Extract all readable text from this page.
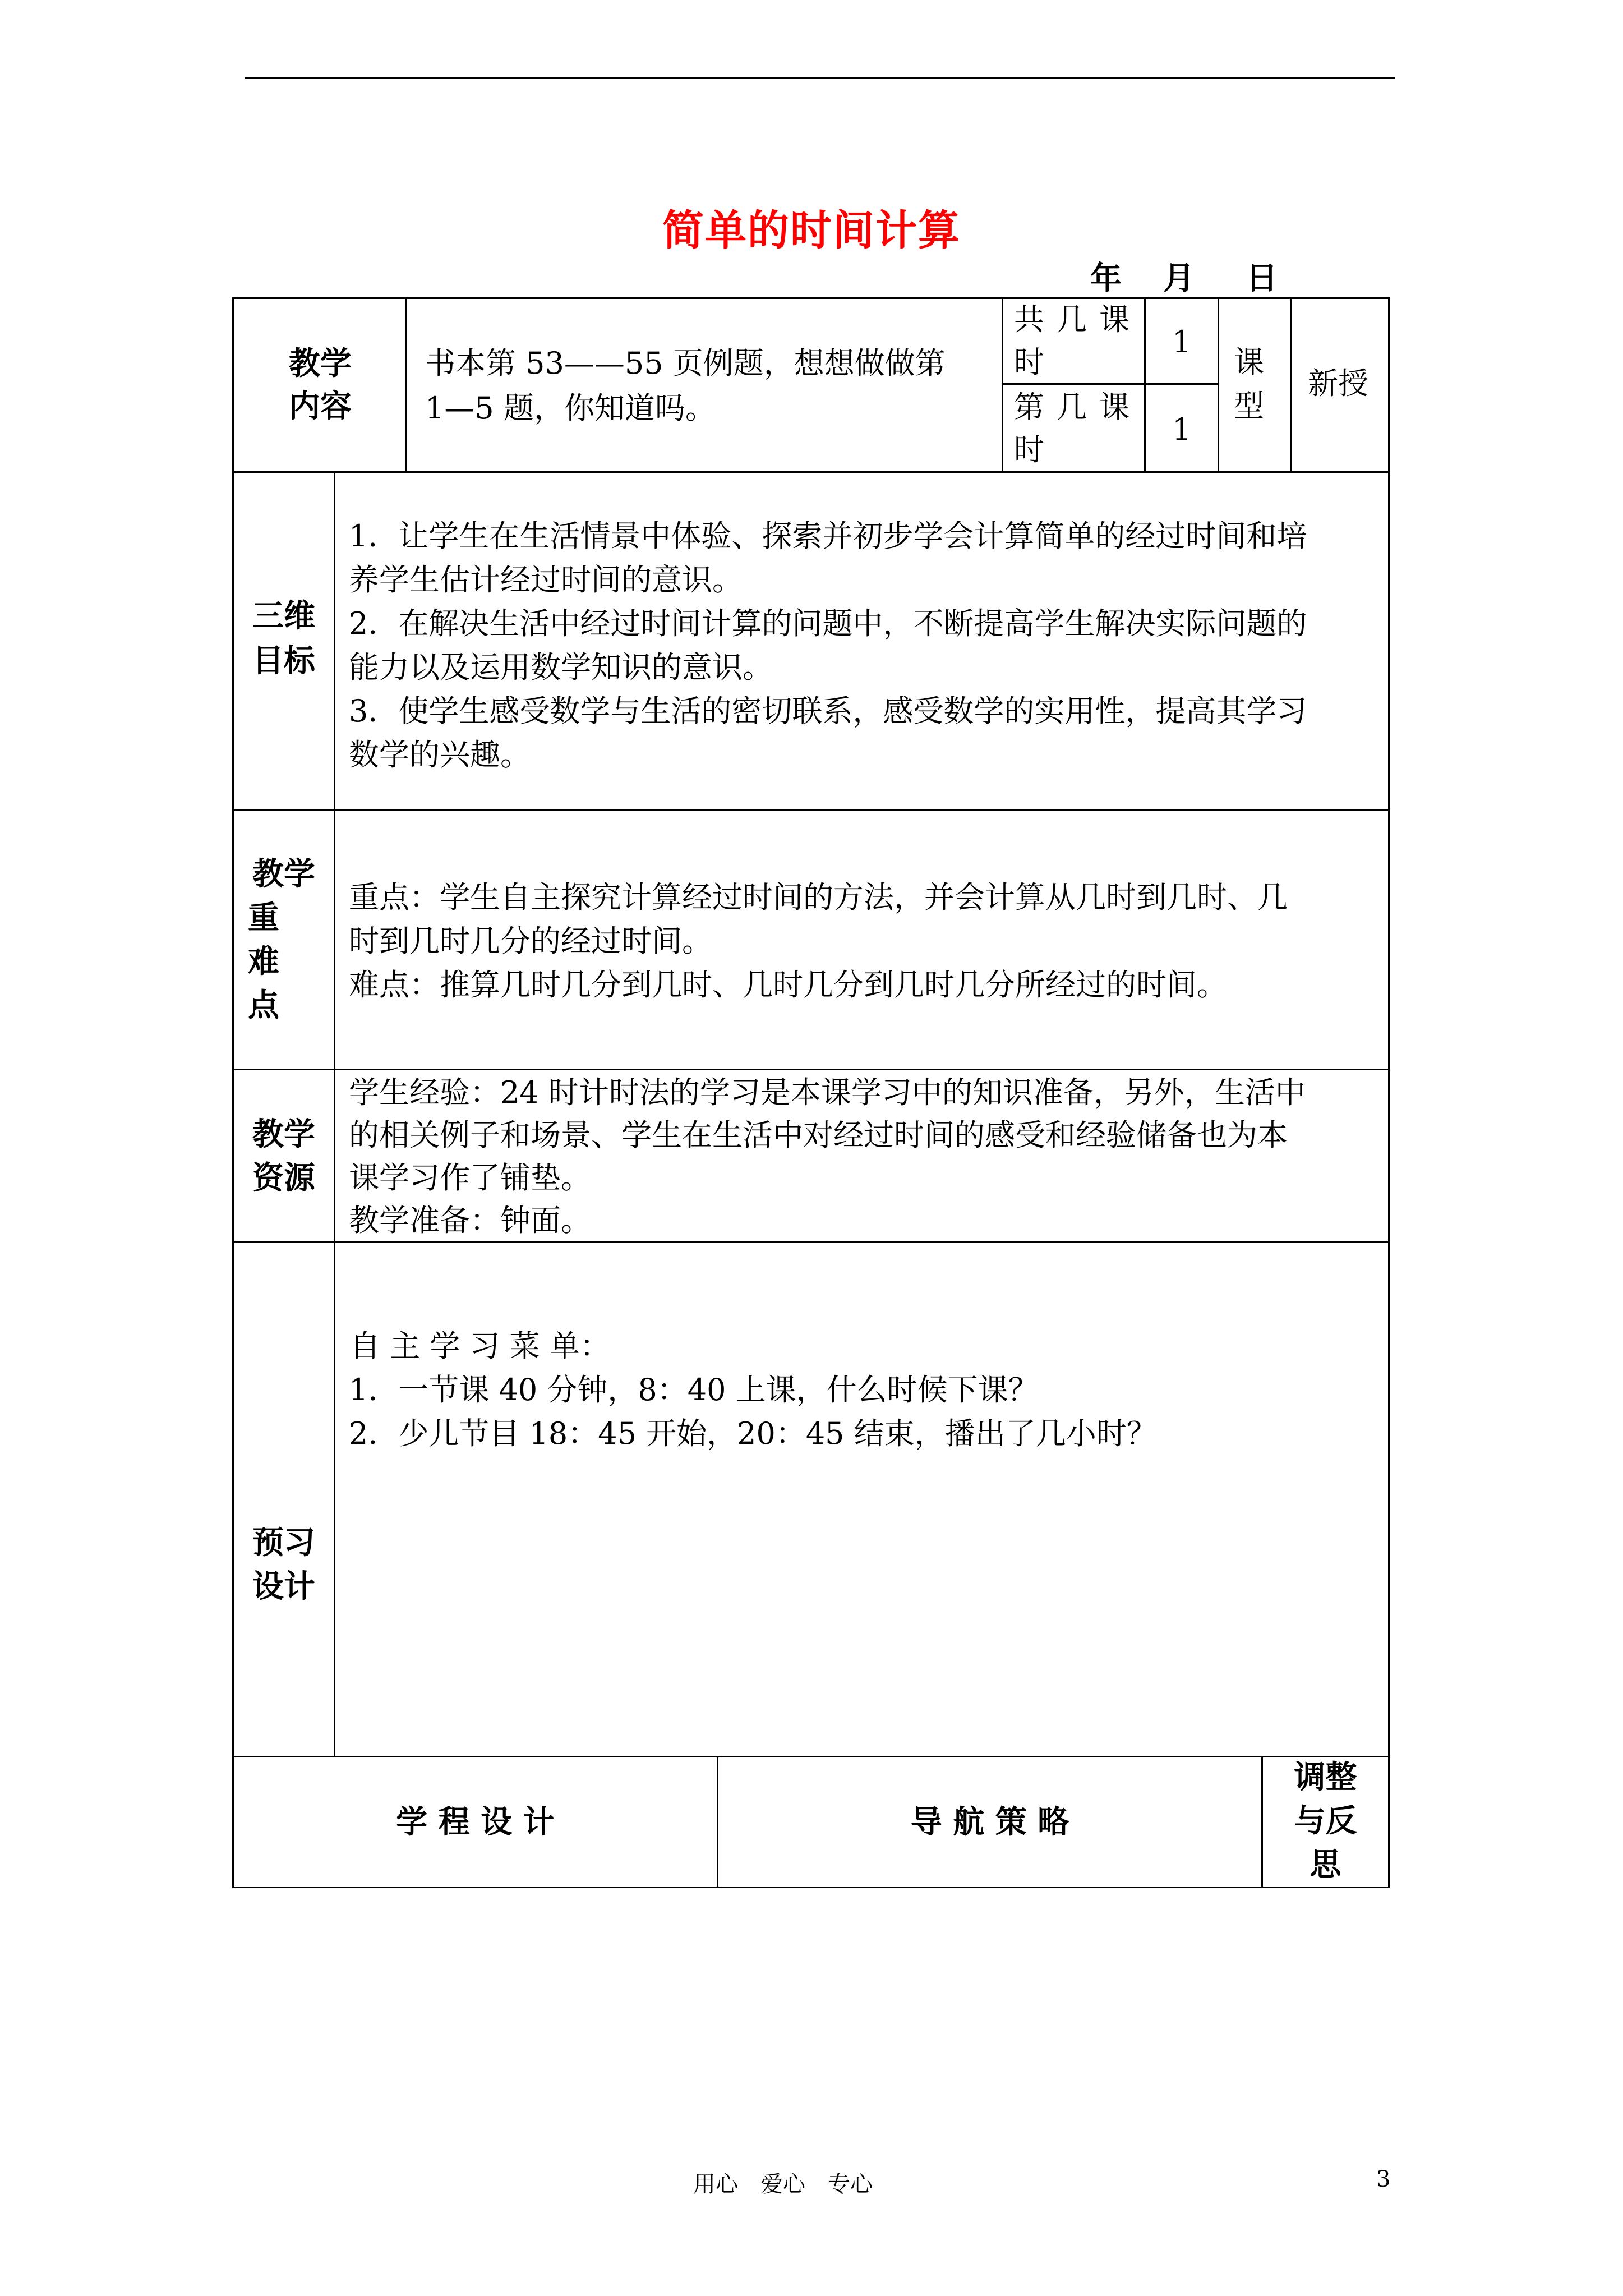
简单的时间计算
年 月 日
教学内容
书本第 53——55 页例题，想想做做第
1—5 题，你知道吗。
共几课
时
1
第几课
时
1
课
型
新授
三维
目标
1．让学生在生活情景中体验、探索并初步学会计算简单的经过时间和培
养学生估计经过时间的意识。
2．在解决生活中经过时间计算的问题中，不断提高学生解决实际问题的
能力以及运用数学知识的意识。
3．使学生感受数学与生活的密切联系，感受数学的实用性，提高其学习
数学的兴趣。
教学
重
难
点
重点：学生自主探究计算经过时间的方法，并会计算从几时到几时、几
时到几时几分的经过时间。
难点：推算几时几分到几时、几时几分到几时几分所经过的时间。
教学
资源
学生经验：24 时计时法的学习是本课学习中的知识准备，另外，生活中
的相关例子和场景、学生在生活中对经过时间的感受和经验储备也为本
课学习作了铺垫。
教学准备：钟面。
预习
设计
自 主 学 习 菜 单：
1．一节课 40 分钟，8：40 上课，什么时候下课？
2．少儿节目 18：45 开始，20：45 结束，播出了几小时？
学 程 设 计	导 航 策 略
调整
与反
思
用心　爱心　专心	3
